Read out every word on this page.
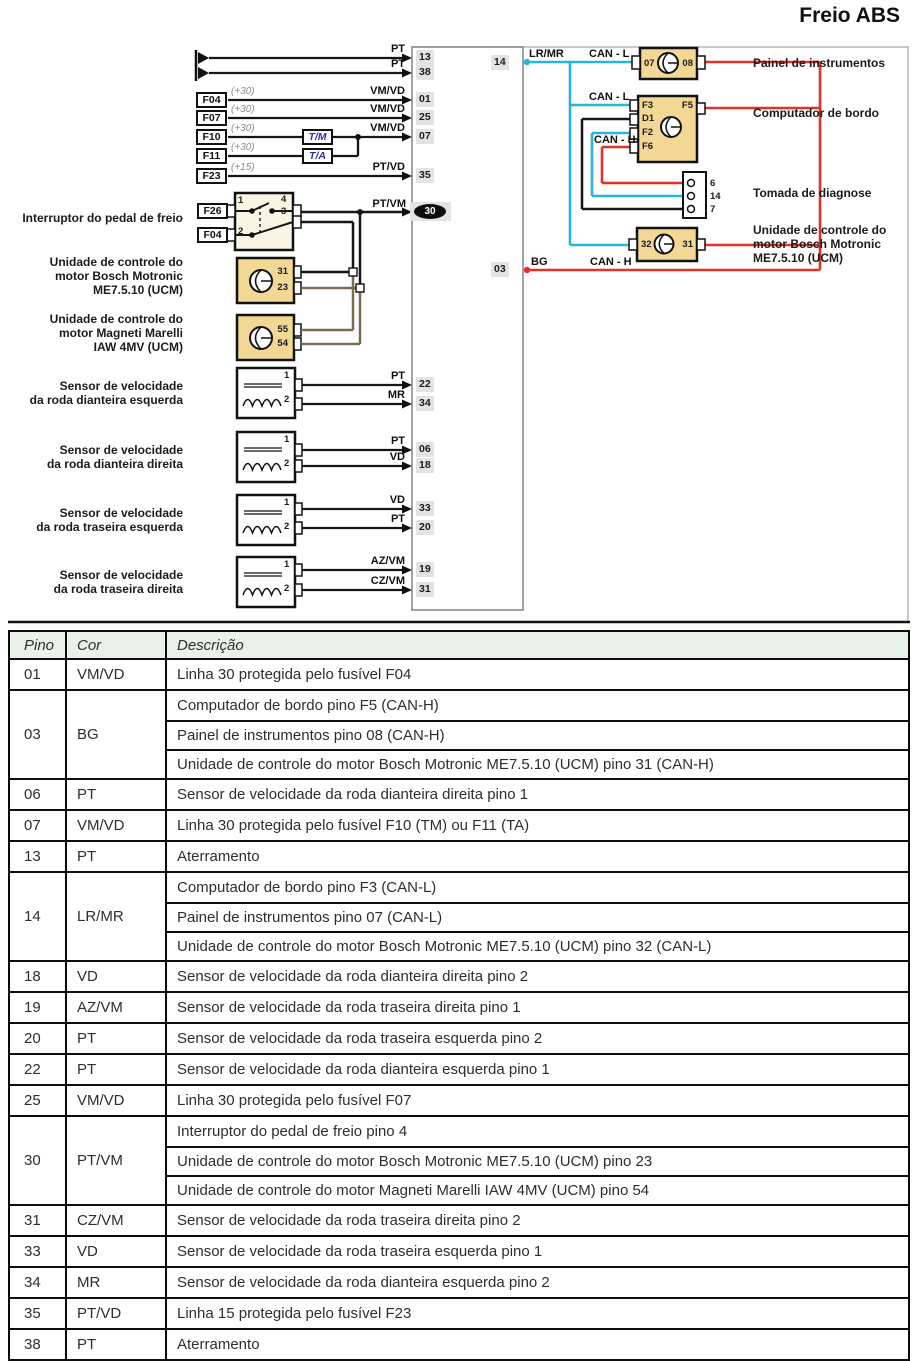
Freio ABS
Interruptor do pedal de freio	F26
F04
1	4
3
2
PT/VM
30
Unidade de controle do
motor Bosch Motronic
ME7.5.10 (UCM)
31
23
Unidade de controle do
motor Magneti Marelli
IAW 4MV (UCM)
55
54
14
03
LR/MR CAN - L
CAN - L
CAN - H
BG	CAN - H
07	08	Painel de instrumentos
F3
D1
F2
F6
F5
Computador de bordo
6
14
7
Tomada de diagnose
32	31
Unidade de controle do
motor Bosch Motronic
ME7.5.10 (UCM)
Pino	Cor	Descrição
01	VM/VD	Linha 30 protegida pelo fusível F04
03	BG
Computador de bordo pino F5 (CAN-H)
Painel de instrumentos pino 08 (CAN-H)
Unidade de controle do motor Bosch Motronic ME7.5.10 (UCM) pino 31 (CAN-H)
06	PT	Sensor de velocidade da roda dianteira direita pino 1
07	VM/VD	Linha 30 protegida pelo fusível F10 (TM) ou F11 (TA)
13	PT	Aterramento
14	LR/MR
Computador de bordo pino F3 (CAN-L)
Painel de instrumentos pino 07 (CAN-L)
Unidade de controle do motor Bosch Motronic ME7.5.10 (UCM) pino 32 (CAN-L)
18	VD	Sensor de velocidade da roda dianteira direita pino 2
19	AZ/VM	Sensor de velocidade da roda traseira direita pino 1
20	PT	Sensor de velocidade da roda traseira esquerda pino 2
22	PT	Sensor de velocidade da roda dianteira esquerda pino 1
25	VM/VD	Linha 30 protegida pelo fusível F07
30	PT/VM
Interruptor do pedal de freio pino 4
Unidade de controle do motor Bosch Motronic ME7.5.10 (UCM) pino 23
Unidade de controle do motor Magneti Marelli IAW 4MV (UCM) pino 54
31	CZ/VM	Sensor de velocidade da roda traseira direita pino 2
33	VD	Sensor de velocidade da roda traseira esquerda pino 1
34	MR	Sensor de velocidade da roda dianteira esquerda pino 2
35	PT/VD	Linha 15 protegida pelo fusível F23
38	PT	Aterramento
PT
13
PT
38
F04
(+30)	VM/VD
01
F07
(+30)	VM/VD
25
F10
(+30)
T/M
VM/VD
07
F11
(+30)
T/A
F23
(+15)	PT/VD
35
1
2
22
34
PT
MR
Sensor de velocidade
da roda dianteira esquerda
1
2
06
18
PT
VD
Sensor de velocidade
da roda dianteira direita
1
2
33
20
VD
PT
Sensor de velocidade
da roda traseira esquerda
1
2
19
31
AZ/VM
CZ/VM
Sensor de velocidade
da roda traseira direita
